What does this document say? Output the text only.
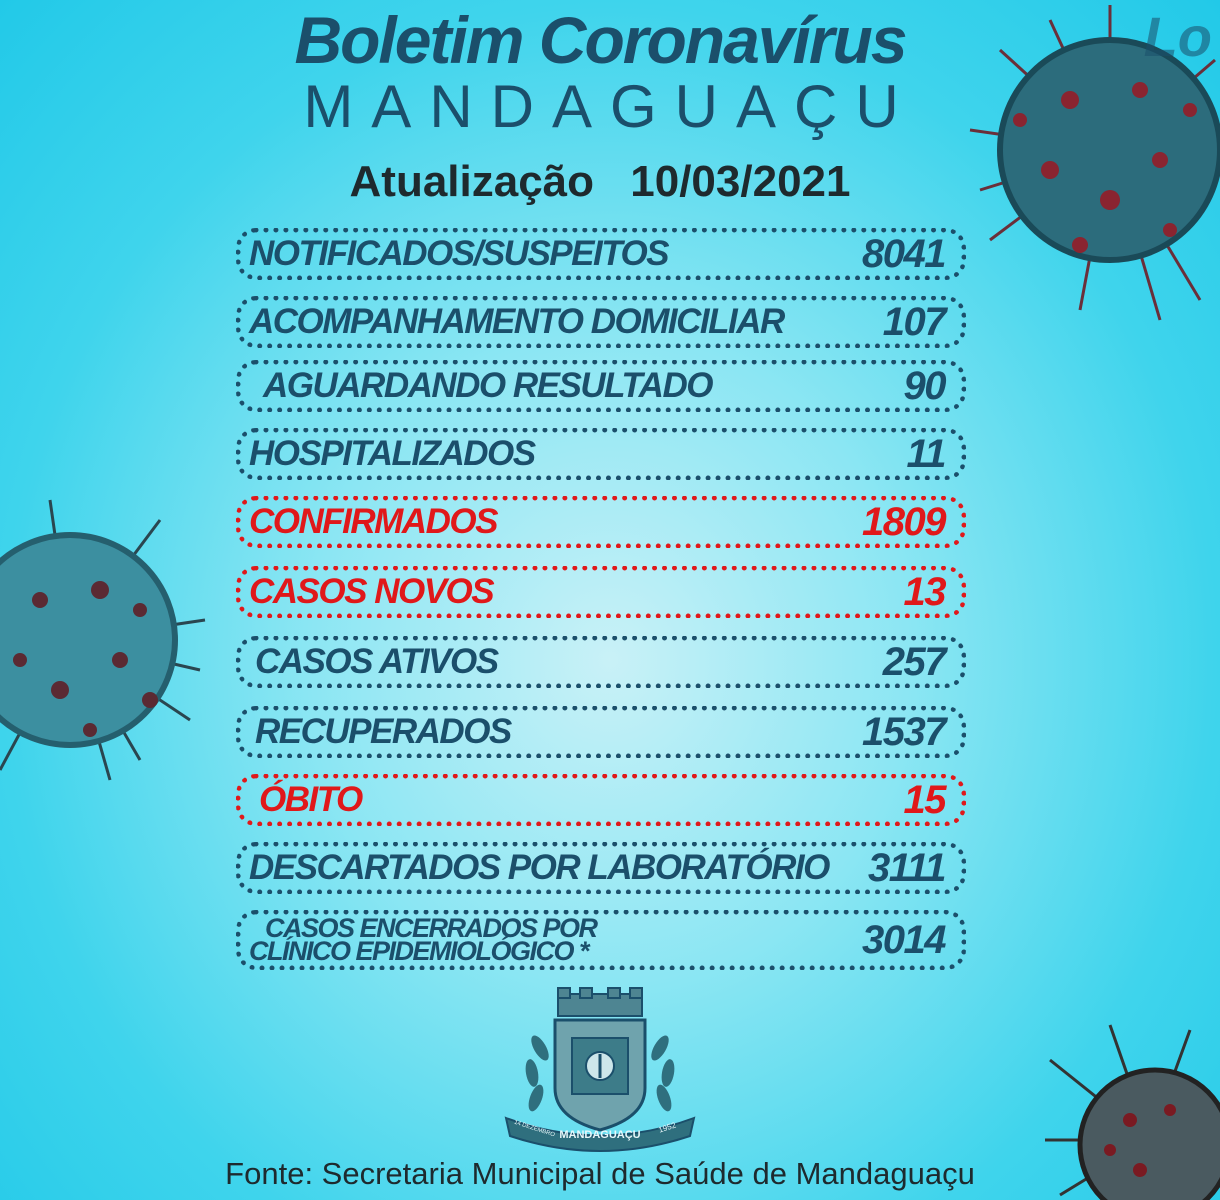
Lo
Boletim Coronavírus
MANDAGUAÇU
Atualização 10/03/2021
NOTIFICADOS/SUSPEITOS	8041
ACOMPANHAMENTO DOMICILIAR 107
AGUARDANDO RESULTADO	90
HOSPITALIZADOS	11
CONFIRMADOS	1809
CASOS NOVOS	13
CASOS ATIVOS	257
RECUPERADOS	1537
ÓBITO	15
DESCARTADOS POR LABORATÓRIO 3111
CASOS ENCERRADOS POR
CLÍNICO EPIDEMIOLÓGICO *	3014
MANDAGUAÇU
14 DEZEMBRO	1952
Fonte: Secretaria Municipal de Saúde de Mandaguaçu
